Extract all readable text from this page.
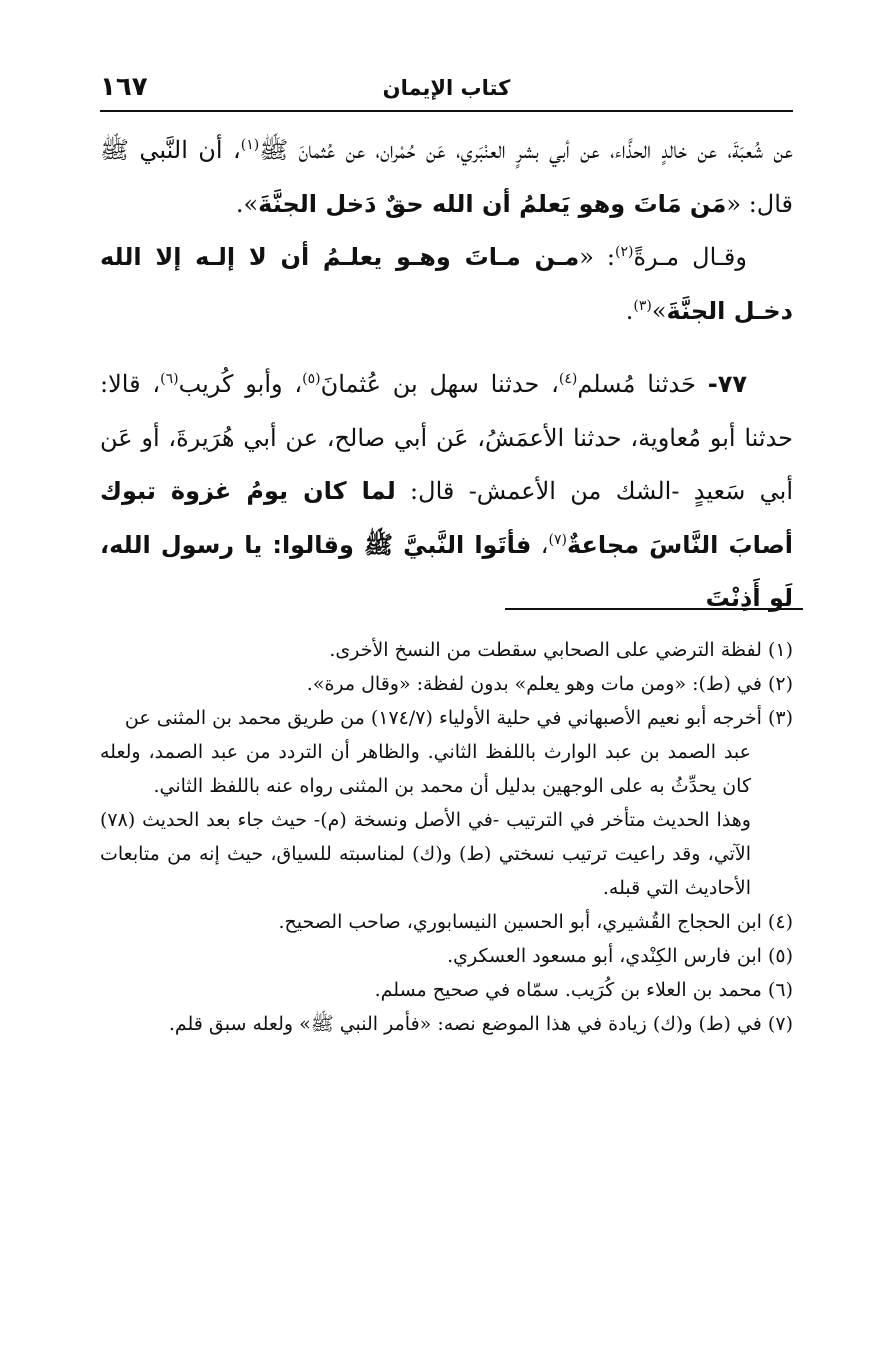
كتاب الإيمان
١٦٧

عن شُعبَةَ، عن خالدٍ الحذَّاء، عن أبي بشرٍ العنْبَري، عَن حُمْران، عن عُثمانَ ﷺ$^{(١)}$، أن النَّبي ﷺ قال: «مَن مَاتَ وهو يَعلمُ أن الله حقٌ دَخل الجنَّةَ».

وقـال مـرةً$^{(٢)}$: «مـن مـاتَ وهـو يعلـمُ أن لا إلـه إلا الله دخـل الجنَّةَ»$^{(٣)}$.

٧٧- حَدثنا مُسلم$^{(٤)}$، حدثنا سهل بن عُثمانَ$^{(٥)}$، وأبو كُريب$^{(٦)}$، قالا: حدثنا أبو مُعاوية، حدثنا الأعمَشُ، عَن أبي صالح، عن أبي هُرَيرةَ، أو عَن أبي سَعيدٍ -الشك من الأعمش- قال: لما كان يومُ غزوة تبوك أصابَ النَّاسَ مجاعةٌ$^{(٧)}$، فأتَوا النَّبيَّ ﷺ وقالوا: يا رسول الله، لَو أَذِنْتَ

(١) لفظة الترضي على الصحابي سقطت من النسخ الأخرى.

(٢) في (ط): «ومن مات وهو يعلم» بدون لفظة: «وقال مرة».

(٣) أخرجه أبو نعيم الأصبهاني في حلية الأولياء (١٧٤/٧) من طريق محمد بن المثنى عن

عبد الصمد بن عبد الوارث باللفظ الثاني. والظاهر أن التردد من عبد الصمد، ولعله كان يحدِّثُ به على الوجهين بدليل أن محمد بن المثنى رواه عنه باللفظ الثاني.

وهذا الحديث متأخر في الترتيب -في الأصل ونسخة (م)- حيث جاء بعد الحديث (٧٨) الآتي، وقد راعيت ترتيب نسختي (ط) و(ك) لمناسبته للسياق، حيث إنه من متابعات الأحاديث التي قبله.

(٤) ابن الحجاج القُشيري، أبو الحسين النيسابوري، صاحب الصحيح.

(٥) ابن فارس الكِنْدي، أبو مسعود العسكري.

(٦) محمد بن العلاء بن كُرَيب. سمّاه في صحيح مسلم.

(٧) في (ط) و(ك) زيادة في هذا الموضع نصه: «فأمر النبي ﷺ» ولعله سبق قلم.
